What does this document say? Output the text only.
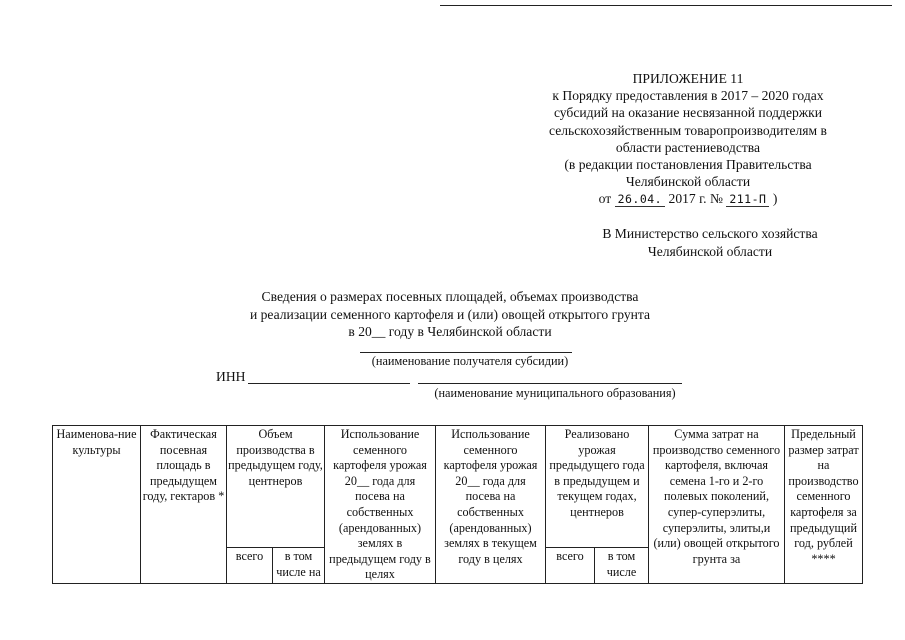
ПРИЛОЖЕНИЕ 11
к Порядку предоставления в 2017 – 2020 годах
субсидий на оказание несвязанной поддержки
сельскохозяйственным товаропроизводителям в
области растениеводства
(в редакции постановления Правительства
Челябинской области
от 26.04. 2017 г. № 211-П )
В Министерство сельского хозяйства
Челябинской области
Сведения о размерах посевных площадей, объемах производства
и реализации семенного картофеля и (или) овощей открытого грунта
в 20__ году в Челябинской области
(наименование получателя субсидии)
ИНН
(наименование муниципального образования)
Наименова-ние культуры	Фактическая посевная площадь в предыдущем году, гектаров *	Объем производства в предыдущем году, центнеров		Использование семенного картофеля урожая 20__ года для посева на собственных (арендованных) землях в предыдущем году в целях	Использование семенного картофеля урожая 20__ года для посева на собственных (арендованных) землях в текущем году в целях	Реализовано урожая предыдущего года в предыдущем и текущем годах, центнеров		Сумма затрат на производство семенного картофеля, включая семена 1-го и 2-го полевых поколений, супер-суперэлиты, суперэлиты, элиты,и (или) овощей открытого грунта за	Предельный размер затрат на производство семенного картофеля за предыдущий год, рублей ****
		всего	в том числе на			всего	в том числе		
